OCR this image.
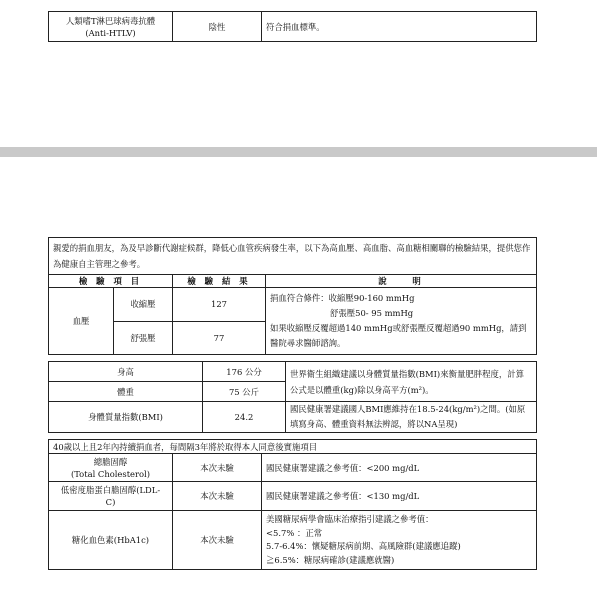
人類嗜T淋巴球病毒抗體
(Anti-HTLV)
	陰性	符合捐血標準。
親愛的捐血朋友，為及早診斷代謝症候群，降低心血管疾病發生率，以下為高血壓、高血脂、高血糖相關聯的檢驗結果，提供您作為健康自主管理之參考。			
檢 驗 項 目		檢 驗 結 果	說　　明
血壓	收縮壓	127	捐血符合條件：收縮壓90-160 mmHg
舒張壓50- 95 mmHg
如果收縮壓反覆超過140 mmHg或舒張壓反覆超過90 mmHg，請到醫院尋求醫師諮詢。

	舒張壓	77	
身高	176 公分	世界衛生組織建議以身體質量指數(BMI)來衡量肥胖程度，計算公式是以體重(kg)除以身高平方(m²)。
體重	75 公斤	
身體質量指數(BMI)	24.2	國民健康署建議國人BMI應維持在18.5-24(kg/m²)之間。(如原填寫身高、體重資料無法辨認，將以NA呈現)
40歲以上且2年內持續捐血者，每間隔3年將於取得本人同意後實施項目		

總膽固醇
(Total Cholesterol)	本次未驗	國民健康署建議之參考值：<200 mg/dL

低密度脂蛋白膽固醇(LDL-
C)	本次未驗	國民健康署建議之參考值：<130 mg/dL
糖化血色素(HbA1c)	本次未驗	美國糖尿病學會臨床治療指引建議之參考值：
<5.7% ：正常
5.7-6.4%：懷疑糖尿病前期、高風險群(建議應追蹤)
≧6.5%：糖尿病確診(建議應就醫)
